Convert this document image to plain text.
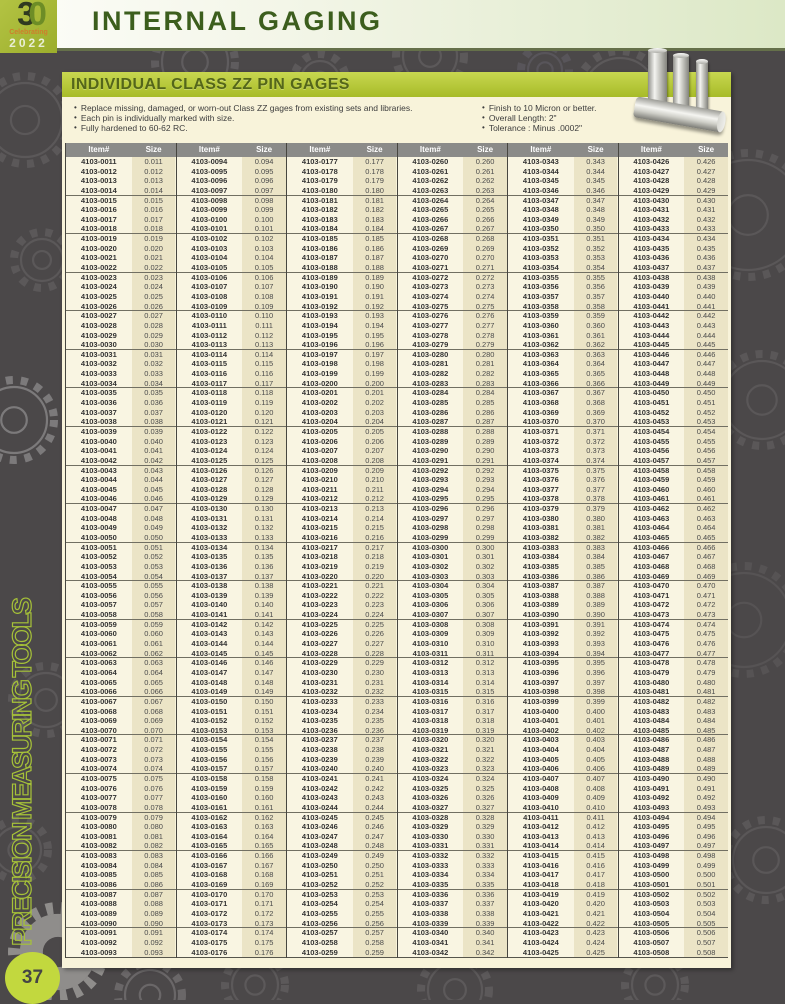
INTERNAL GAGING
30
Celebrating
2022
INDIVIDUAL CLASS ZZ PIN GAGES
• Replace missing, damaged, or worn-out Class ZZ gages from existing sets and libraries.
• Each pin is individually marked with size.
• Fully hardened to 60-62 RC.
• Finish to 10 Micron or better.
• Overall Length: 2"
• Tolerance : Minus .0002"
Item#	Size
4103-0011	0.011
4103-0012	0.012
4103-0013	0.013
4103-0014	0.014
4103-0015	0.015
4103-0016	0.016
4103-0017	0.017
4103-0018	0.018
4103-0019	0.019
4103-0020	0.020
4103-0021	0.021
4103-0022	0.022
4103-0023	0.023
4103-0024	0.024
4103-0025	0.025
4103-0026	0.026
4103-0027	0.027
4103-0028	0.028
4103-0029	0.029
4103-0030	0.030
4103-0031	0.031
4103-0032	0.032
4103-0033	0.033
4103-0034	0.034
4103-0035	0.035
4103-0036	0.036
4103-0037	0.037
4103-0038	0.038
4103-0039	0.039
4103-0040	0.040
4103-0041	0.041
4103-0042	0.042
4103-0043	0.043
4103-0044	0.044
4103-0045	0.045
4103-0046	0.046
4103-0047	0.047
4103-0048	0.048
4103-0049	0.049
4103-0050	0.050
4103-0051	0.051
4103-0052	0.052
4103-0053	0.053
4103-0054	0.054
4103-0055	0.055
4103-0056	0.056
4103-0057	0.057
4103-0058	0.058
4103-0059	0.059
4103-0060	0.060
4103-0061	0.061
4103-0062	0.062
4103-0063	0.063
4103-0064	0.064
4103-0065	0.065
4103-0066	0.066
4103-0067	0.067
4103-0068	0.068
4103-0069	0.069
4103-0070	0.070
4103-0071	0.071
4103-0072	0.072
4103-0073	0.073
4103-0074	0.074
4103-0075	0.075
4103-0076	0.076
4103-0077	0.077
4103-0078	0.078
4103-0079	0.079
4103-0080	0.080
4103-0081	0.081
4103-0082	0.082
4103-0083	0.083
4103-0084	0.084
4103-0085	0.085
4103-0086	0.086
4103-0087	0.087
4103-0088	0.088
4103-0089	0.089
4103-0090	0.090
4103-0091	0.091
4103-0092	0.092
4103-0093	0.093
Item#	Size
4103-0094	0.094
4103-0095	0.095
4103-0096	0.096
4103-0097	0.097
4103-0098	0.098
4103-0099	0.099
4103-0100	0.100
4103-0101	0.101
4103-0102	0.102
4103-0103	0.103
4103-0104	0.104
4103-0105	0.105
4103-0106	0.106
4103-0107	0.107
4103-0108	0.108
4103-0109	0.109
4103-0110	0.110
4103-0111	0.111
4103-0112	0.112
4103-0113	0.113
4103-0114	0.114
4103-0115	0.115
4103-0116	0.116
4103-0117	0.117
4103-0118	0.118
4103-0119	0.119
4103-0120	0.120
4103-0121	0.121
4103-0122	0.122
4103-0123	0.123
4103-0124	0.124
4103-0125	0.125
4103-0126	0.126
4103-0127	0.127
4103-0128	0.128
4103-0129	0.129
4103-0130	0.130
4103-0131	0.131
4103-0132	0.132
4103-0133	0.133
4103-0134	0.134
4103-0135	0.135
4103-0136	0.136
4103-0137	0.137
4103-0138	0.138
4103-0139	0.139
4103-0140	0.140
4103-0141	0.141
4103-0142	0.142
4103-0143	0.143
4103-0144	0.144
4103-0145	0.145
4103-0146	0.146
4103-0147	0.147
4103-0148	0.148
4103-0149	0.149
4103-0150	0.150
4103-0151	0.151
4103-0152	0.152
4103-0153	0.153
4103-0154	0.154
4103-0155	0.155
4103-0156	0.156
4103-0157	0.157
4103-0158	0.158
4103-0159	0.159
4103-0160	0.160
4103-0161	0.161
4103-0162	0.162
4103-0163	0.163
4103-0164	0.164
4103-0165	0.165
4103-0166	0.166
4103-0167	0.167
4103-0168	0.168
4103-0169	0.169
4103-0170	0.170
4103-0171	0.171
4103-0172	0.172
4103-0173	0.173
4103-0174	0.174
4103-0175	0.175
4103-0176	0.176
Item#	Size
4103-0177	0.177
4103-0178	0.178
4103-0179	0.179
4103-0180	0.180
4103-0181	0.181
4103-0182	0.182
4103-0183	0.183
4103-0184	0.184
4103-0185	0.185
4103-0186	0.186
4103-0187	0.187
4103-0188	0.188
4103-0189	0.189
4103-0190	0.190
4103-0191	0.191
4103-0192	0.192
4103-0193	0.193
4103-0194	0.194
4103-0195	0.195
4103-0196	0.196
4103-0197	0.197
4103-0198	0.198
4103-0199	0.199
4103-0200	0.200
4103-0201	0.201
4103-0202	0.202
4103-0203	0.203
4103-0204	0.204
4103-0205	0.205
4103-0206	0.206
4103-0207	0.207
4103-0208	0.208
4103-0209	0.209
4103-0210	0.210
4103-0211	0.211
4103-0212	0.212
4103-0213	0.213
4103-0214	0.214
4103-0215	0.215
4103-0216	0.216
4103-0217	0.217
4103-0218	0.218
4103-0219	0.219
4103-0220	0.220
4103-0221	0.221
4103-0222	0.222
4103-0223	0.223
4103-0224	0.224
4103-0225	0.225
4103-0226	0.226
4103-0227	0.227
4103-0228	0.228
4103-0229	0.229
4103-0230	0.230
4103-0231	0.231
4103-0232	0.232
4103-0233	0.233
4103-0234	0.234
4103-0235	0.235
4103-0236	0.236
4103-0237	0.237
4103-0238	0.238
4103-0239	0.239
4103-0240	0.240
4103-0241	0.241
4103-0242	0.242
4103-0243	0.243
4103-0244	0.244
4103-0245	0.245
4103-0246	0.246
4103-0247	0.247
4103-0248	0.248
4103-0249	0.249
4103-0250	0.250
4103-0251	0.251
4103-0252	0.252
4103-0253	0.253
4103-0254	0.254
4103-0255	0.255
4103-0256	0.256
4103-0257	0.257
4103-0258	0.258
4103-0259	0.259
Item#	Size
4103-0260	0.260
4103-0261	0.261
4103-0262	0.262
4103-0263	0.263
4103-0264	0.264
4103-0265	0.265
4103-0266	0.266
4103-0267	0.267
4103-0268	0.268
4103-0269	0.269
4103-0270	0.270
4103-0271	0.271
4103-0272	0.272
4103-0273	0.273
4103-0274	0.274
4103-0275	0.275
4103-0276	0.276
4103-0277	0.277
4103-0278	0.278
4103-0279	0.279
4103-0280	0.280
4103-0281	0.281
4103-0282	0.282
4103-0283	0.283
4103-0284	0.284
4103-0285	0.285
4103-0286	0.286
4103-0287	0.287
4103-0288	0.288
4103-0289	0.289
4103-0290	0.290
4103-0291	0.291
4103-0292	0.292
4103-0293	0.293
4103-0294	0.294
4103-0295	0.295
4103-0296	0.296
4103-0297	0.297
4103-0298	0.298
4103-0299	0.299
4103-0300	0.300
4103-0301	0.301
4103-0302	0.302
4103-0303	0.303
4103-0304	0.304
4103-0305	0.305
4103-0306	0.306
4103-0307	0.307
4103-0308	0.308
4103-0309	0.309
4103-0310	0.310
4103-0311	0.311
4103-0312	0.312
4103-0313	0.313
4103-0314	0.314
4103-0315	0.315
4103-0316	0.316
4103-0317	0.317
4103-0318	0.318
4103-0319	0.319
4103-0320	0.320
4103-0321	0.321
4103-0322	0.322
4103-0323	0.323
4103-0324	0.324
4103-0325	0.325
4103-0326	0.326
4103-0327	0.327
4103-0328	0.328
4103-0329	0.329
4103-0330	0.330
4103-0331	0.331
4103-0332	0.332
4103-0333	0.333
4103-0334	0.334
4103-0335	0.335
4103-0336	0.336
4103-0337	0.337
4103-0338	0.338
4103-0339	0.339
4103-0340	0.340
4103-0341	0.341
4103-0342	0.342
Item#	Size
4103-0343	0.343
4103-0344	0.344
4103-0345	0.345
4103-0346	0.346
4103-0347	0.347
4103-0348	0.348
4103-0349	0.349
4103-0350	0.350
4103-0351	0.351
4103-0352	0.352
4103-0353	0.353
4103-0354	0.354
4103-0355	0.355
4103-0356	0.356
4103-0357	0.357
4103-0358	0.358
4103-0359	0.359
4103-0360	0.360
4103-0361	0.361
4103-0362	0.362
4103-0363	0.363
4103-0364	0.364
4103-0365	0.365
4103-0366	0.366
4103-0367	0.367
4103-0368	0.368
4103-0369	0.369
4103-0370	0.370
4103-0371	0.371
4103-0372	0.372
4103-0373	0.373
4103-0374	0.374
4103-0375	0.375
4103-0376	0.376
4103-0377	0.377
4103-0378	0.378
4103-0379	0.379
4103-0380	0.380
4103-0381	0.381
4103-0382	0.382
4103-0383	0.383
4103-0384	0.384
4103-0385	0.385
4103-0386	0.386
4103-0387	0.387
4103-0388	0.388
4103-0389	0.389
4103-0390	0.390
4103-0391	0.391
4103-0392	0.392
4103-0393	0.393
4103-0394	0.394
4103-0395	0.395
4103-0396	0.396
4103-0397	0.397
4103-0398	0.398
4103-0399	0.399
4103-0400	0.400
4103-0401	0.401
4103-0402	0.402
4103-0403	0.403
4103-0404	0.404
4103-0405	0.405
4103-0406	0.406
4103-0407	0.407
4103-0408	0.408
4103-0409	0.409
4103-0410	0.410
4103-0411	0.411
4103-0412	0.412
4103-0413	0.413
4103-0414	0.414
4103-0415	0.415
4103-0416	0.416
4103-0417	0.417
4103-0418	0.418
4103-0419	0.419
4103-0420	0.420
4103-0421	0.421
4103-0422	0.422
4103-0423	0.423
4103-0424	0.424
4103-0425	0.425
Item#	Size
4103-0426	0.426
4103-0427	0.427
4103-0428	0.428
4103-0429	0.429
4103-0430	0.430
4103-0431	0.431
4103-0432	0.432
4103-0433	0.433
4103-0434	0.434
4103-0435	0.435
4103-0436	0.436
4103-0437	0.437
4103-0438	0.438
4103-0439	0.439
4103-0440	0.440
4103-0441	0.441
4103-0442	0.442
4103-0443	0.443
4103-0444	0.444
4103-0445	0.445
4103-0446	0.446
4103-0447	0.447
4103-0448	0.448
4103-0449	0.449
4103-0450	0.450
4103-0451	0.451
4103-0452	0.452
4103-0453	0.453
4103-0454	0.454
4103-0455	0.455
4103-0456	0.456
4103-0457	0.457
4103-0458	0.458
4103-0459	0.459
4103-0460	0.460
4103-0461	0.461
4103-0462	0.462
4103-0463	0.463
4103-0464	0.464
4103-0465	0.465
4103-0466	0.466
4103-0467	0.467
4103-0468	0.468
4103-0469	0.469
4103-0470	0.470
4103-0471	0.471
4103-0472	0.472
4103-0473	0.473
4103-0474	0.474
4103-0475	0.475
4103-0476	0.476
4103-0477	0.477
4103-0478	0.478
4103-0479	0.479
4103-0480	0.480
4103-0481	0.481
4103-0482	0.482
4103-0483	0.483
4103-0484	0.484
4103-0485	0.485
4103-0486	0.486
4103-0487	0.487
4103-0488	0.488
4103-0489	0.489
4103-0490	0.490
4103-0491	0.491
4103-0492	0.492
4103-0493	0.493
4103-0494	0.494
4103-0495	0.495
4103-0496	0.496
4103-0497	0.497
4103-0498	0.498
4103-0499	0.499
4103-0500	0.500
4103-0501	0.501
4103-0502	0.502
4103-0503	0.503
4103-0504	0.504
4103-0505	0.505
4103-0506	0.506
4103-0507	0.507
4103-0508	0.508
PRECISION MEASURING TOOLS
37
